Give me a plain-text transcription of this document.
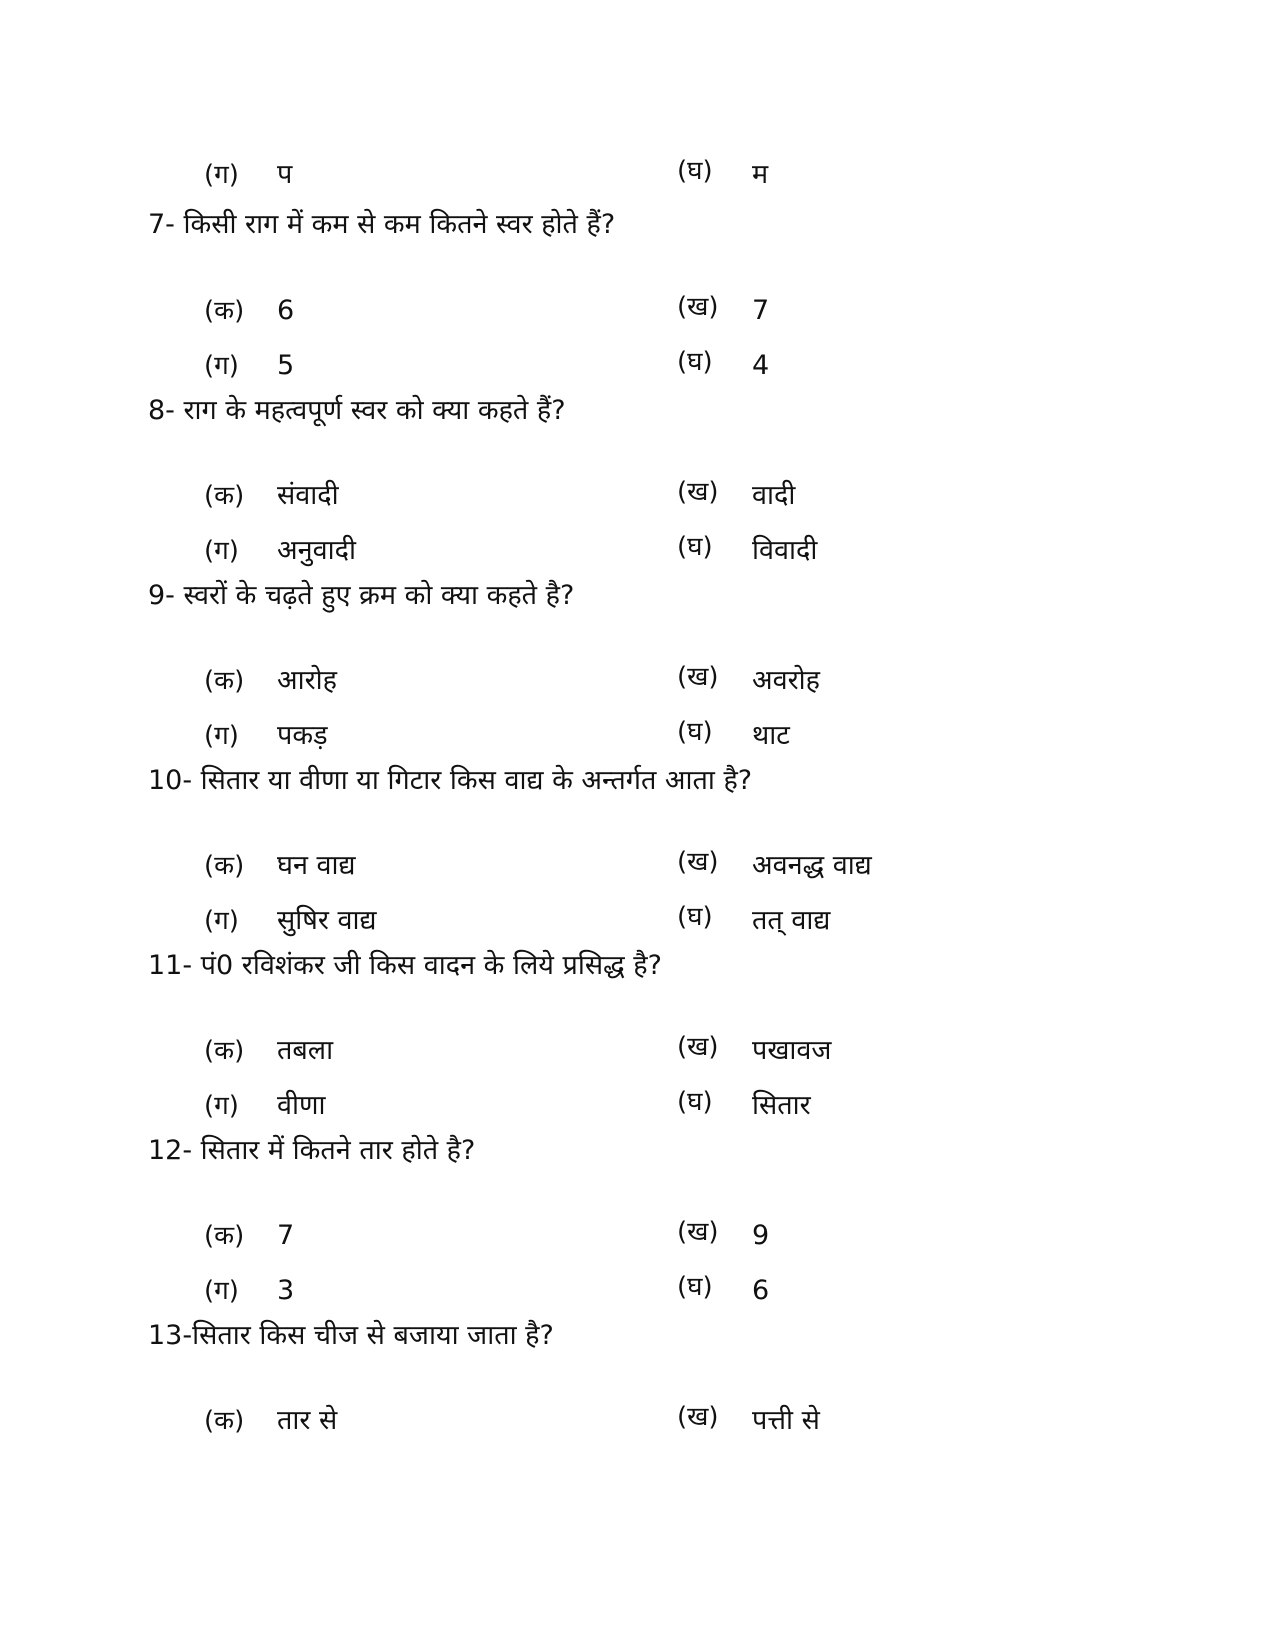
(ग) प	(घ) म
7- किसी राग में कम से कम कितने स्वर होते हैं?
(क) 6	(ख) 7
(ग) 5	(घ) 4
8- राग के महत्वपूर्ण स्वर को क्या कहते हैं?
(क) संवादी	(ख) वादी
(ग) अनुवादी	(घ) विवादी
9- स्वरों के चढ़ते हुए क्रम को क्या कहते है?
(क) आरोह	(ख) अवरोह
(ग) पकड़	(घ) थाट
10- सितार या वीणा या गिटार किस वाद्य के अन्तर्गत आता है?
(क) घन वाद्य	(ख) अवनद्ध वाद्य
(ग) सुषिर वाद्य	(घ) तत् वाद्य
11- पं0 रविशंकर जी किस वादन के लिये प्रसिद्ध है?
(क) तबला	(ख) पखावज
(ग) वीणा	(घ) सितार
12- सितार में कितने तार होते है?
(क) 7	(ख) 9
(ग) 3	(घ) 6
13-सितार किस चीज से बजाया जाता है?
(क) तार से	(ख) पत्ती से
